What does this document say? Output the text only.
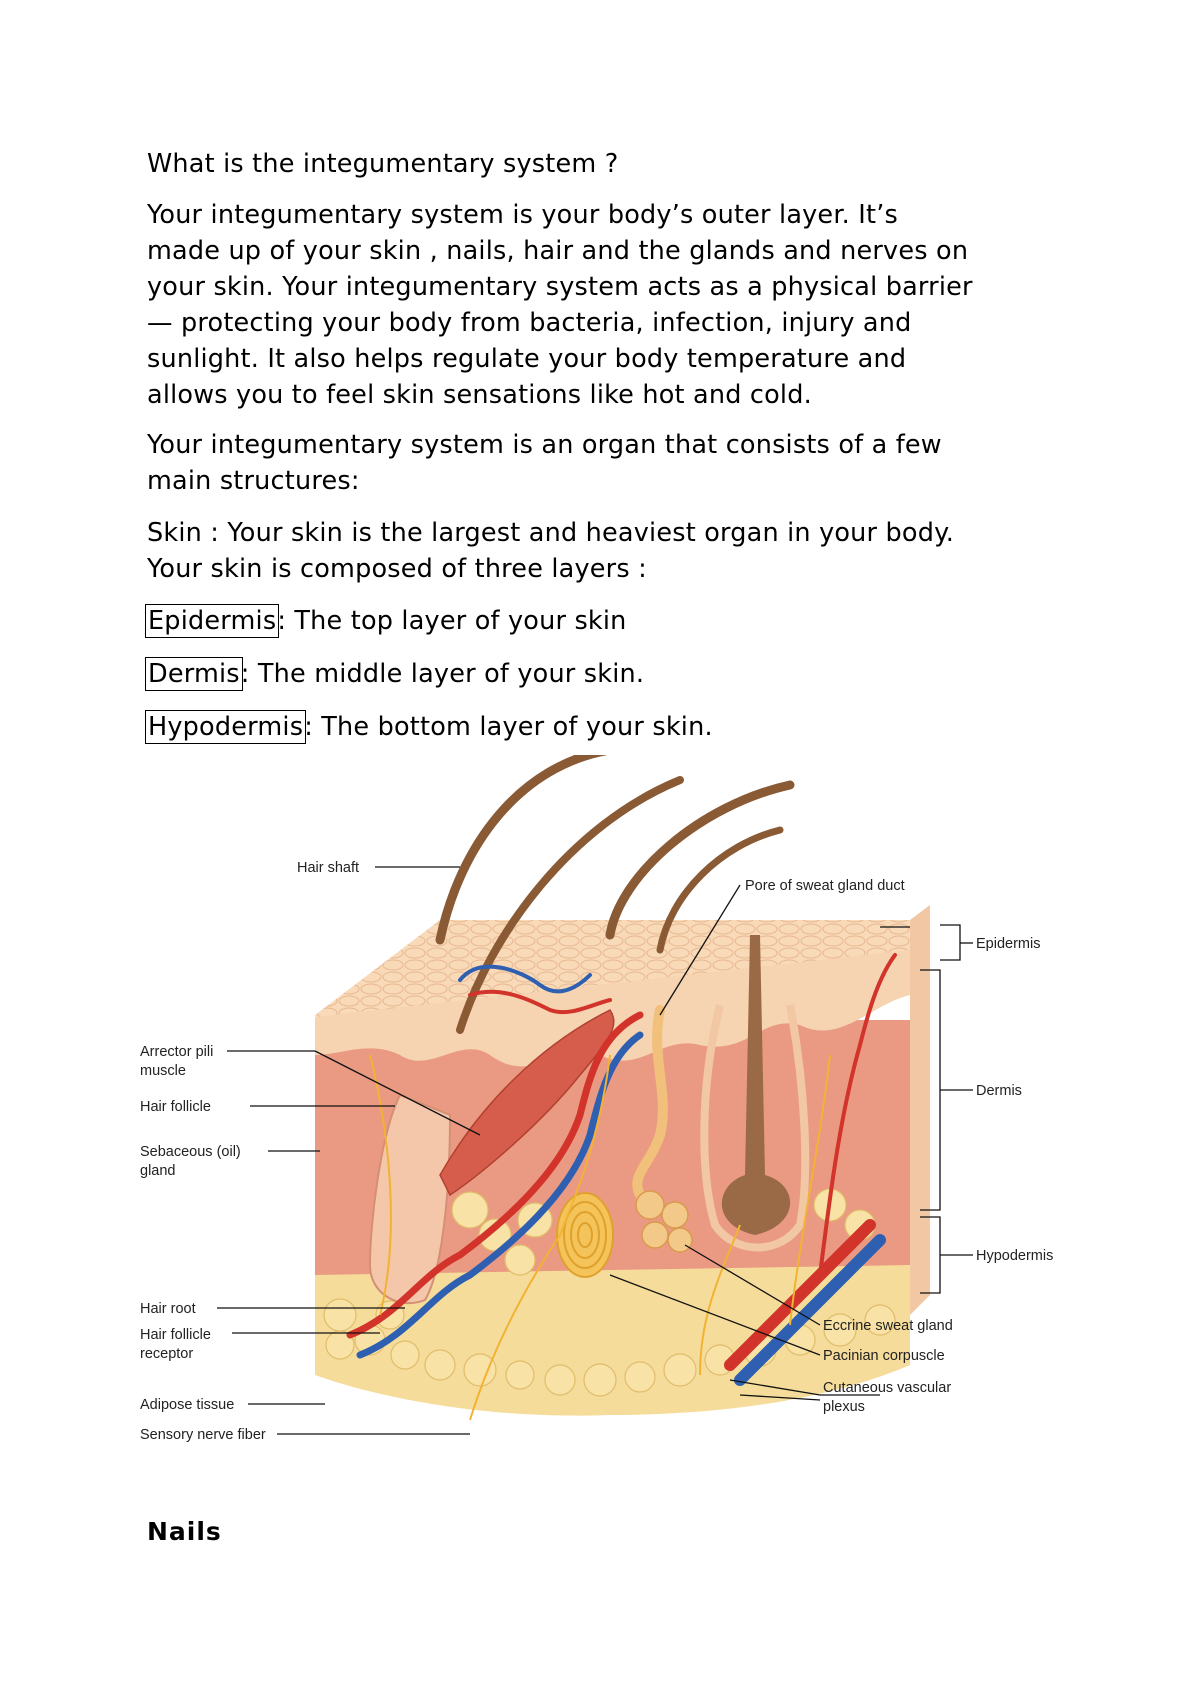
What is the integumentary system ?
Your integumentary system is your body’s outer layer. It’s
made up of your skin , nails, hair and the glands and nerves on
your skin. Your integumentary system acts as a physical barrier
— protecting your body from bacteria, infection, injury and
sunlight. It also helps regulate your body temperature and
allows you to feel skin sensations like hot and cold.
Your integumentary system is an organ that consists of a few
main structures:
Skin : Your skin is the largest and heaviest organ in your body.
Your skin is composed of three layers :
Epidermis: The top layer of your skin
Dermis: The middle layer of your skin.
Hypodermis: The bottom layer of your skin.
Hair shaft
Arrector pili
muscle
Hair follicle
Sebaceous (oil)
gland
Hair root
Hair follicle
receptor
Adipose tissue
Sensory nerve fiber
Pore of sweat gland duct
Epidermis
Dermis
Hypodermis
Eccrine sweat gland
Pacinian corpuscle
Cutaneous vascular
plexus
Nails
